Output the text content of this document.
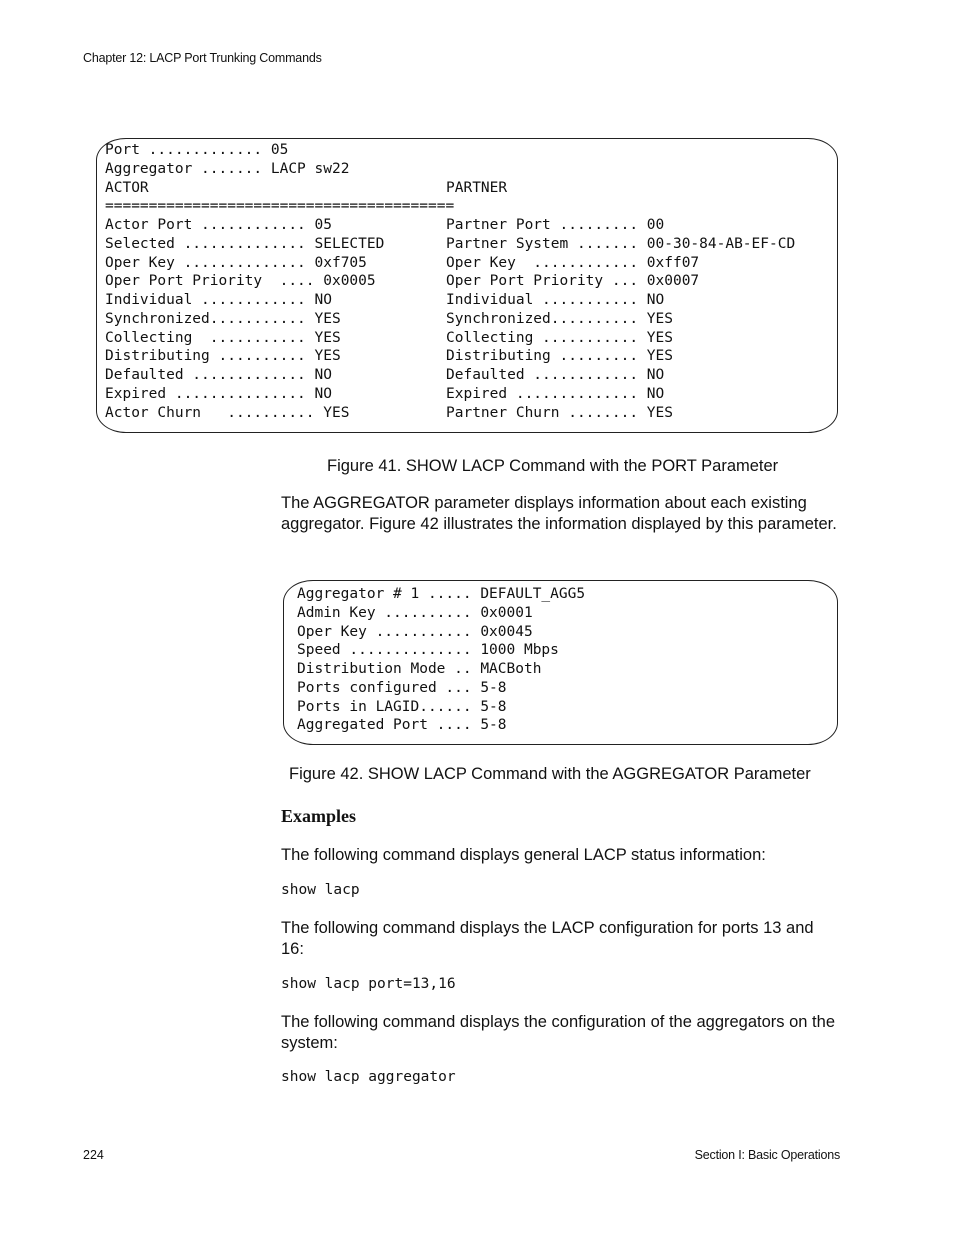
Chapter 12: LACP Port Trunking Commands
Port ............. 05
Aggregator ....... LACP sw22
ACTOR
========================================
Actor Port ............ 05
Selected .............. SELECTED
Oper Key .............. 0xf705
Oper Port Priority  .... 0x0005
Individual ............ NO
Synchronized........... YES
Collecting  ........... YES
Distributing .......... YES
Defaulted ............. NO
Expired ............... NO
Actor Churn   .......... YES

PARTNER

Partner Port ......... 00
Partner System ....... 00-30-84-AB-EF-CD
Oper Key  ............ 0xff07
Oper Port Priority ... 0x0007
Individual ........... NO
Synchronized.......... YES
Collecting ........... YES
Distributing ......... YES
Defaulted ............ NO
Expired .............. NO
Partner Churn ........ YES

Figure 41. SHOW LACP Command with the PORT Parameter
The AGGREGATOR parameter displays information about each existing aggregator. Figure 42 illustrates the information displayed by this parameter.
Aggregator # 1 ..... DEFAULT_AGG5
Admin Key .......... 0x0001
Oper Key ........... 0x0045
Speed .............. 1000 Mbps
Distribution Mode .. MACBoth
Ports configured ... 5-8
Ports in LAGID...... 5-8
Aggregated Port .... 5-8

Figure 42. SHOW LACP Command with the AGGREGATOR Parameter
Examples
The following command displays general LACP status information:
show lacp
The following command displays the LACP configuration for ports 13 and 16:
show lacp port=13,16
The following command displays the configuration of the aggregators on the system:
show lacp aggregator
224	Section I: Basic Operations
